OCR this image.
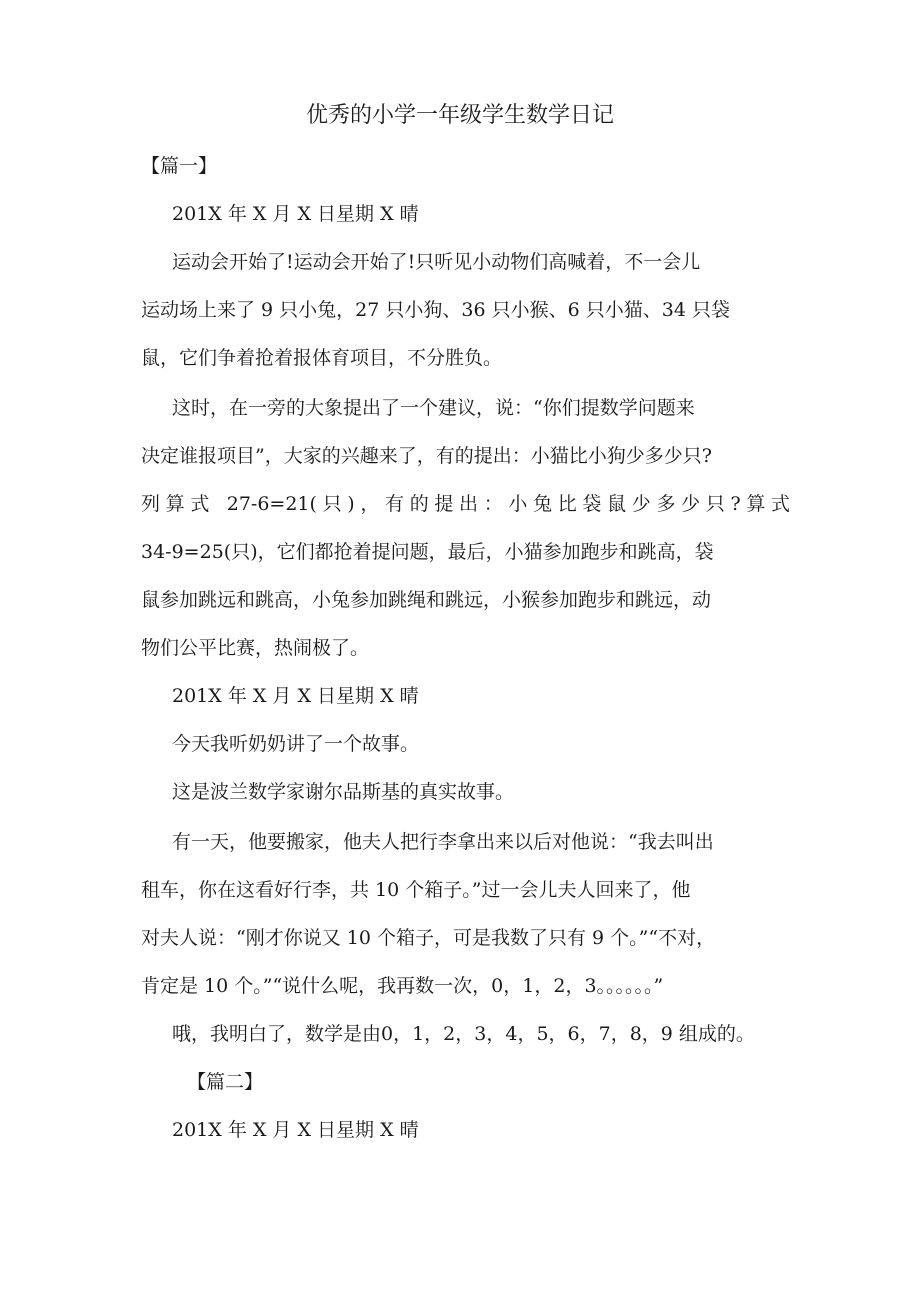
优秀的小学一年级学生数学日记
【篇一】
201X 年 X 月 X 日星期 X 晴
运动会开始了!运动会开始了!只听见小动物们高喊着，不一会儿
运动场上来了 9 只小兔，27 只小狗、36 只小猴、6 只小猫、34 只袋
鼠，它们争着抢着报体育项目，不分胜负。
这时，在一旁的大象提出了一个建议，说：“你们提数学问题来
决定谁报项目”，大家的兴趣来了，有的提出：小猫比小狗少多少只?
列算式 27-6=21(只)，有的提出：小兔比袋鼠少多少只?算式
34-9=25(只)，它们都抢着提问题，最后，小猫参加跑步和跳高，袋
鼠参加跳远和跳高，小兔参加跳绳和跳远，小猴参加跑步和跳远，动
物们公平比赛，热闹极了。
201X 年 X 月 X 日星期 X 晴
今天我听奶奶讲了一个故事。
这是波兰数学家谢尔品斯基的真实故事。
有一天，他要搬家，他夫人把行李拿出来以后对他说：“我去叫出
租车，你在这看好行李，共 10 个箱子。”过一会儿夫人回来了，他
对夫人说：“刚才你说又 10 个箱子，可是我数了只有 9 个。”“不对，
肯定是 10 个。”“说什么呢，我再数一次，0，1，2，3。。。。。。”
哦，我明白了，数学是由0，1，2，3，4，5，6，7，8，9 组成的。
【篇二】
201X 年 X 月 X 日星期 X 晴
